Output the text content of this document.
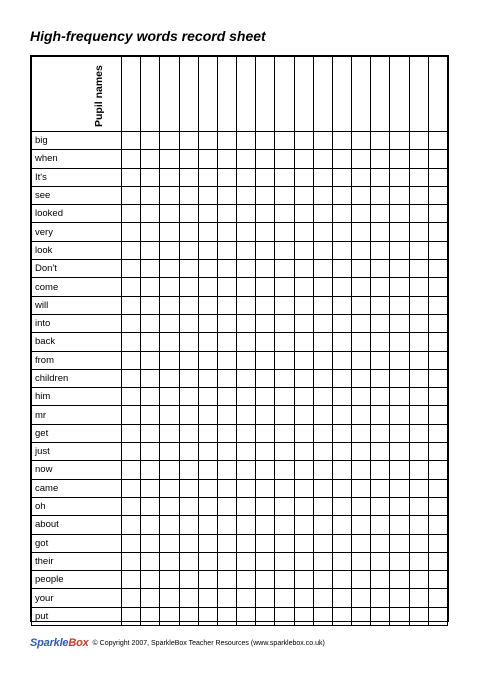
High-frequency words record sheet
Pupil names																	

big																	
when																	
It's																	
see																	
looked																	
very																	
look																	
Don't																	
come																	
will																	
into																	
back																	
from																	
children																	
him																	
mr																	
get																	
just																	
now																	
came																	
oh																	
about																	
got																	
their																	
people																	
your																	
put																	
SparkleBox © Copyright 2007, SparkleBox Teacher Resources (www.sparklebox.co.uk)
